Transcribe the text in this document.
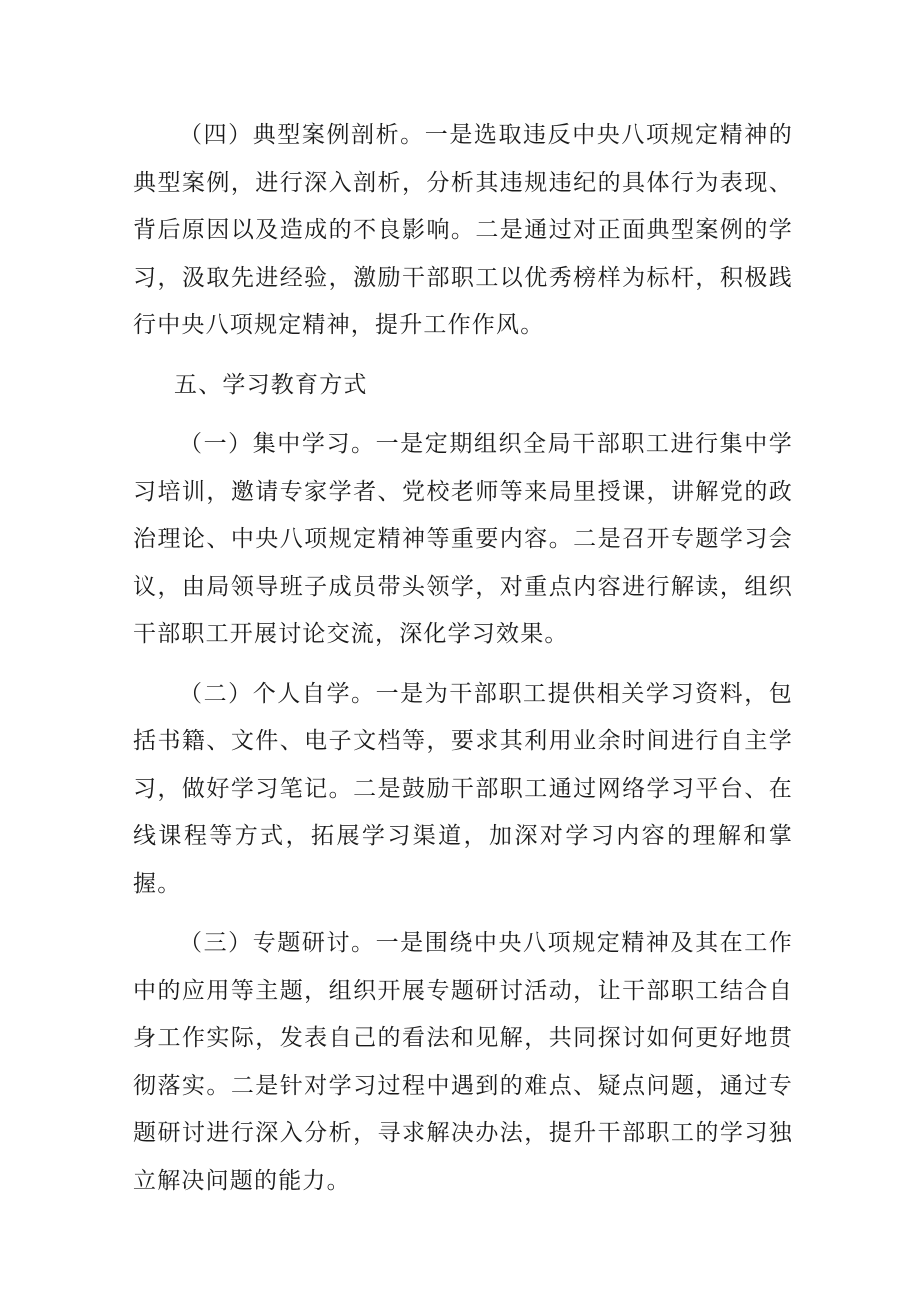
（四）典型案例剖析。一是选取违反中央八项规定精神的典型案例，进行深入剖析，分析其违规违纪的具体行为表现、背后原因以及造成的不良影响。二是通过对正面典型案例的学习，汲取先进经验，激励干部职工以优秀榜样为标杆，积极践行中央八项规定精神，提升工作作风。

五、学习教育方式

（一）集中学习。一是定期组织全局干部职工进行集中学习培训，邀请专家学者、党校老师等来局里授课，讲解党的政治理论、中央八项规定精神等重要内容。二是召开专题学习会议，由局领导班子成员带头领学，对重点内容进行解读，组织干部职工开展讨论交流，深化学习效果。

（二）个人自学。一是为干部职工提供相关学习资料，包括书籍、文件、电子文档等，要求其利用业余时间进行自主学习，做好学习笔记。二是鼓励干部职工通过网络学习平台、在线课程等方式，拓展学习渠道，加深对学习内容的理解和掌握。

（三）专题研讨。一是围绕中央八项规定精神及其在工作中的应用等主题，组织开展专题研讨活动，让干部职工结合自身工作实际，发表自己的看法和见解，共同探讨如何更好地贯彻落实。二是针对学习过程中遇到的难点、疑点问题，通过专题研讨进行深入分析，寻求解决办法，提升干部职工的学习独立解决问题的能力。
